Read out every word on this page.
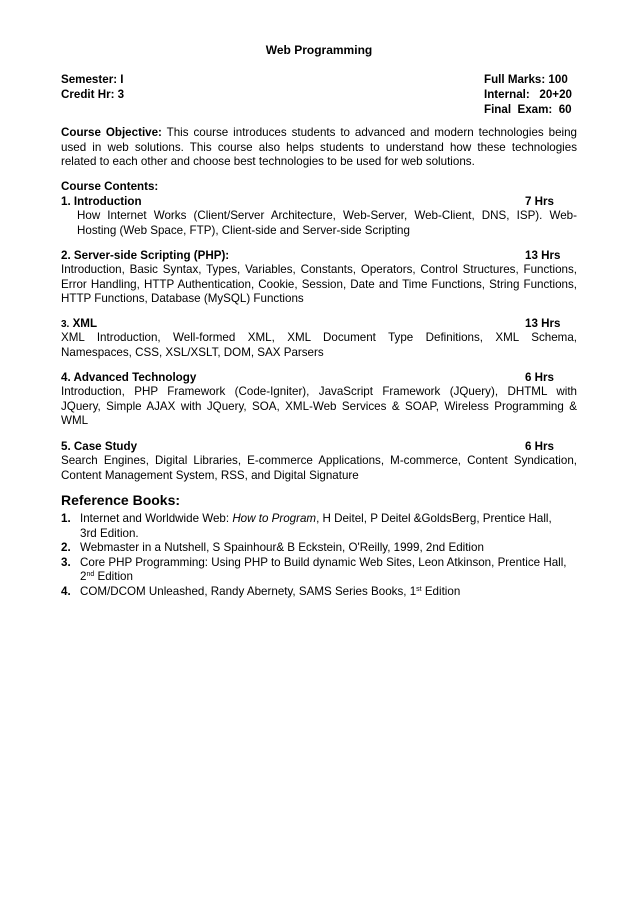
Web Programming
Semester: I
Credit Hr: 3
Full Marks: 100
Internal:   20+20
Final  Exam:  60
Course Objective: This course introduces students to advanced and modern technologies being
used in web solutions. This course also helps students to understand how these technologies
related to each other and choose best technologies to be used for web solutions.
Course Contents:
1. Introduction	7 Hrs
How Internet Works (Client/Server Architecture, Web-Server, Web-Client, DNS, ISP). Web-
Hosting (Web Space, FTP), Client-side and Server-side Scripting
2. Server-side Scripting (PHP):	13 Hrs
Introduction, Basic Syntax, Types, Variables, Constants, Operators, Control Structures, Functions,
Error Handling, HTTP Authentication, Cookie, Session, Date and Time Functions, String Functions,
HTTP Functions, Database (MySQL) Functions
3. XML	13 Hrs
XML Introduction, Well-formed XML, XML Document Type Definitions, XML Schema,
Namespaces, CSS, XSL/XSLT, DOM, SAX Parsers
4. Advanced Technology	6 Hrs
Introduction, PHP Framework (Code-Igniter), JavaScript Framework (JQuery), DHTML with
JQuery, Simple AJAX with JQuery, SOA, XML-Web Services & SOAP, Wireless Programming &
WML
5. Case Study	6 Hrs
Search Engines, Digital Libraries, E-commerce Applications, M-commerce, Content Syndication,
Content Management System, RSS, and Digital Signature
Reference Books:
1. Internet and Worldwide Web: How to Program, H Deitel, P Deitel &GoldsBerg, Prentice Hall,
3rd Edition.
2. Webmaster in a Nutshell, S Spainhour& B Eckstein, O'Reilly, 1999, 2nd Edition
3. Core PHP Programming: Using PHP to Build dynamic Web Sites, Leon Atkinson, Prentice Hall,
2nd Edition
4. COM/DCOM Unleashed, Randy Abernety, SAMS Series Books, 1st Edition
